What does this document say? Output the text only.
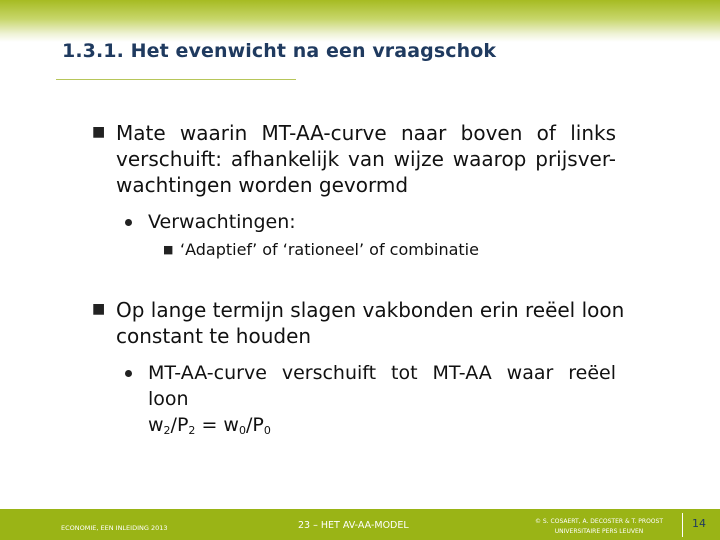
1.3.1. Het evenwicht na een vraagschok
■ Mate waarin MT-AA-curve naar boven of links
verschuift: afhankelijk van wijze waarop prijsver-
wachtingen worden gevormd
Verwachtingen:
■ ‘Adaptief’ of ‘rationeel’ of combinatie
■ Op lange termijn slagen vakbonden erin reëel loon
constant te houden
MT-AA-curve verschuift tot MT-AA waar reëel loon
$w_2/P_2 = w_0/P_0$
ECONOMIE, EEN INLEIDING 2013	23 – HET AV-AA-MODEL	© S. COSAERT, A. DECOSTER & T. PROOST
UNIVERSITAIRE PERS LEUVEN
14
